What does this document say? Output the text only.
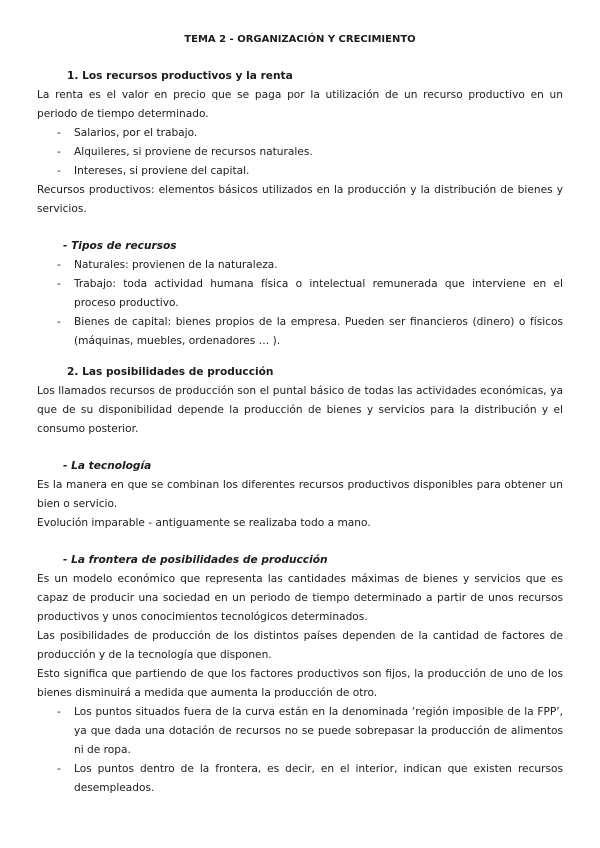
TEMA 2 - ORGANIZACIÓN Y CRECIMIENTO
1. Los recursos productivos y la renta

La renta es el valor en precio que se paga por la utilización de un recurso productivo en un periodo de tiempo determinado.

- Salarios, por el trabajo.
- Alquileres, si proviene de recursos naturales.
- Intereses, si proviene del capital.

Recursos productivos: elementos básicos utilizados en la producción y la distribución de bienes y servicios.

- Tipos de recursos
- Naturales: provienen de la naturaleza.
- Trabajo: toda actividad humana física o intelectual remunerada que interviene en el proceso productivo.
- Bienes de capital: bienes propios de la empresa. Pueden ser financieros (dinero) o físicos (máquinas, muebles, ordenadores … ).
2. Las posibilidades de producción

Los llamados recursos de producción son el puntal básico de todas las actividades económicas, ya que de su disponibilidad depende la producción de bienes y servicios para la distribución y el consumo posterior.

- La tecnología

Es la manera en que se combinan los diferentes recursos productivos disponibles para obtener un bien o servicio.

Evolución imparable - antiguamente se realizaba todo a mano.

- La frontera de posibilidades de producción

Es un modelo económico que representa las cantidades máximas de bienes y servicios que es capaz de producir una sociedad en un periodo de tiempo determinado a partir de unos recursos productivos y unos conocimientos tecnológicos determinados.

Las posibilidades de producción de los distintos países dependen de la cantidad de factores de producción y de la tecnología que disponen.

Esto significa que partiendo de que los factores productivos son fijos, la producción de uno de los bienes disminuirá a medida que aumenta la producción de otro.

- Los puntos situados fuera de la curva están en la denominada ‘región imposible de la FPP’, ya que dada una dotación de recursos no se puede sobrepasar la producción de alimentos ni de ropa.
- Los puntos dentro de la frontera, es decir, en el interior, indican que existen recursos desempleados.
